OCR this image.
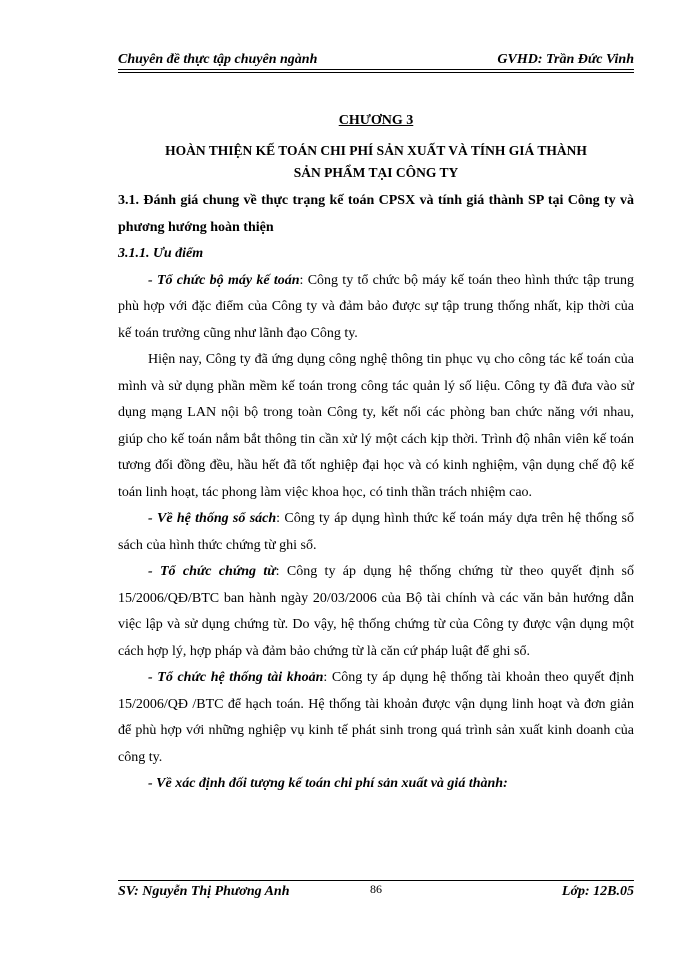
Chuyên đề thực tập chuyên ngành	GVHD: Trần Đức Vinh
CHƯƠNG 3
HOÀN THIỆN KẾ TOÁN CHI PHÍ SẢN XUẤT VÀ TÍNH GIÁ THÀNH
SẢN PHẨM TẠI CÔNG TY
3.1. Đánh giá chung về thực trạng kế toán CPSX và tính giá thành SP tại Công ty và phương hướng hoàn thiện
3.1.1. Ưu điểm

- Tổ chức bộ máy kế toán: Công ty tổ chức bộ máy kế toán theo hình thức tập trung phù hợp với đặc điểm của Công ty và đảm bảo được sự tập trung thống nhất, kịp thời của kế toán trưởng cũng như lãnh đạo Công ty.

Hiện nay, Công ty đã ứng dụng công nghệ thông tin phục vụ cho công tác kế toán của mình và sử dụng phần mềm kế toán trong công tác quản lý số liệu. Công ty đã đưa vào sử dụng mạng LAN nội bộ trong toàn Công ty, kết nối các phòng ban chức năng với nhau, giúp cho kế toán nắm bắt thông tin cần xử lý một cách kịp thời. Trình độ nhân viên kế toán tương đối đồng đều, hầu hết đã tốt nghiệp đại học và có kinh nghiệm, vận dụng chế độ kế toán linh hoạt, tác phong làm việc khoa học, có tinh thần trách nhiệm cao.

- Về hệ thống sổ sách: Công ty áp dụng hình thức kế toán máy dựa trên hệ thống sổ sách của hình thức chứng từ ghi sổ.

- Tổ chức chứng từ: Công ty áp dụng hệ thống chứng từ theo quyết định số 15/2006/QĐ/BTC ban hành ngày 20/03/2006 của Bộ tài chính và các văn bản hướng dẫn việc lập và sử dụng chứng từ. Do vậy, hệ thống chứng từ của Công ty được vận dụng một cách hợp lý, hợp pháp và đảm bảo chứng từ là căn cứ pháp luật để ghi sổ.

- Tổ chức hệ thống tài khoản: Công ty áp dụng hệ thống tài khoản theo quyết định 15/2006/QĐ /BTC để hạch toán. Hệ thống tài khoản được vận dụng linh hoạt và đơn giản để phù hợp với những nghiệp vụ kinh tế phát sinh trong quá trình sản xuất kinh doanh của công ty.

- Về xác định đối tượng kế toán chi phí sản xuất và giá thành:

SV: Nguyễn Thị Phương Anh	86	Lớp: 12B.05
